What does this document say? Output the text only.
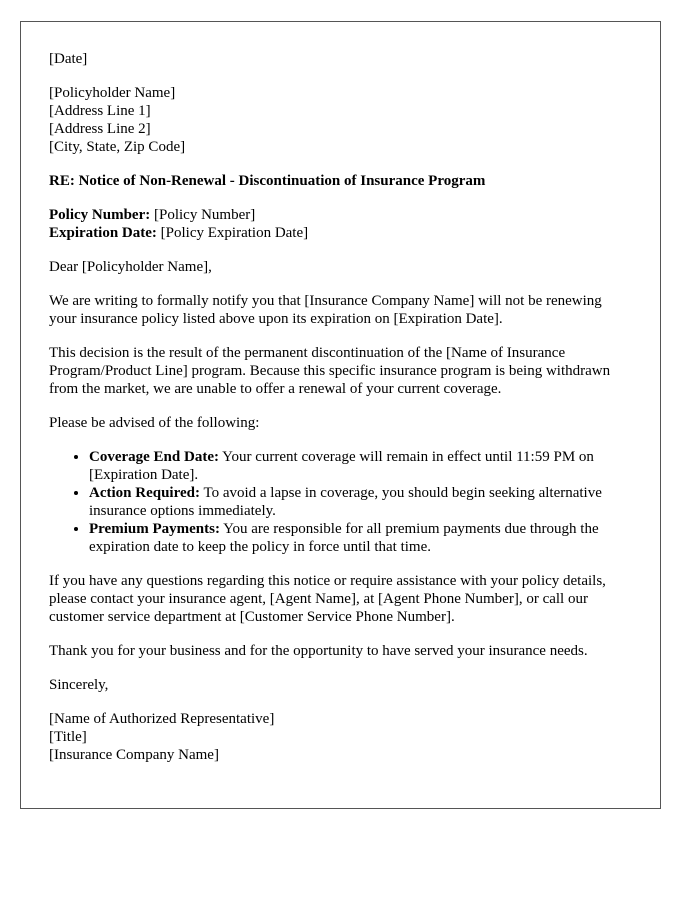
[Date]

[Policyholder Name]
[Address Line 1]
[Address Line 2]
[City, State, Zip Code]

RE: Notice of Non-Renewal - Discontinuation of Insurance Program

Policy Number: [Policy Number]
Expiration Date: [Policy Expiration Date]

Dear [Policyholder Name],

We are writing to formally notify you that [Insurance Company Name] will not be renewing your insurance policy listed above upon its expiration on [Expiration Date].

This decision is the result of the permanent discontinuation of the [Name of Insurance Program/Product Line] program. Because this specific insurance program is being withdrawn from the market, we are unable to offer a renewal of your current coverage.

Please be advised of the following:

• Coverage End Date: Your current coverage will remain in effect until 11:59 PM on [Expiration Date].
• Action Required: To avoid a lapse in coverage, you should begin seeking alternative insurance options immediately.
• Premium Payments: You are responsible for all premium payments due through the expiration date to keep the policy in force until that time.

If you have any questions regarding this notice or require assistance with your policy details, please contact your insurance agent, [Agent Name], at [Agent Phone Number], or call our customer service department at [Customer Service Phone Number].

Thank you for your business and for the opportunity to have served your insurance needs.

Sincerely,

[Name of Authorized Representative]
[Title]
[Insurance Company Name]
